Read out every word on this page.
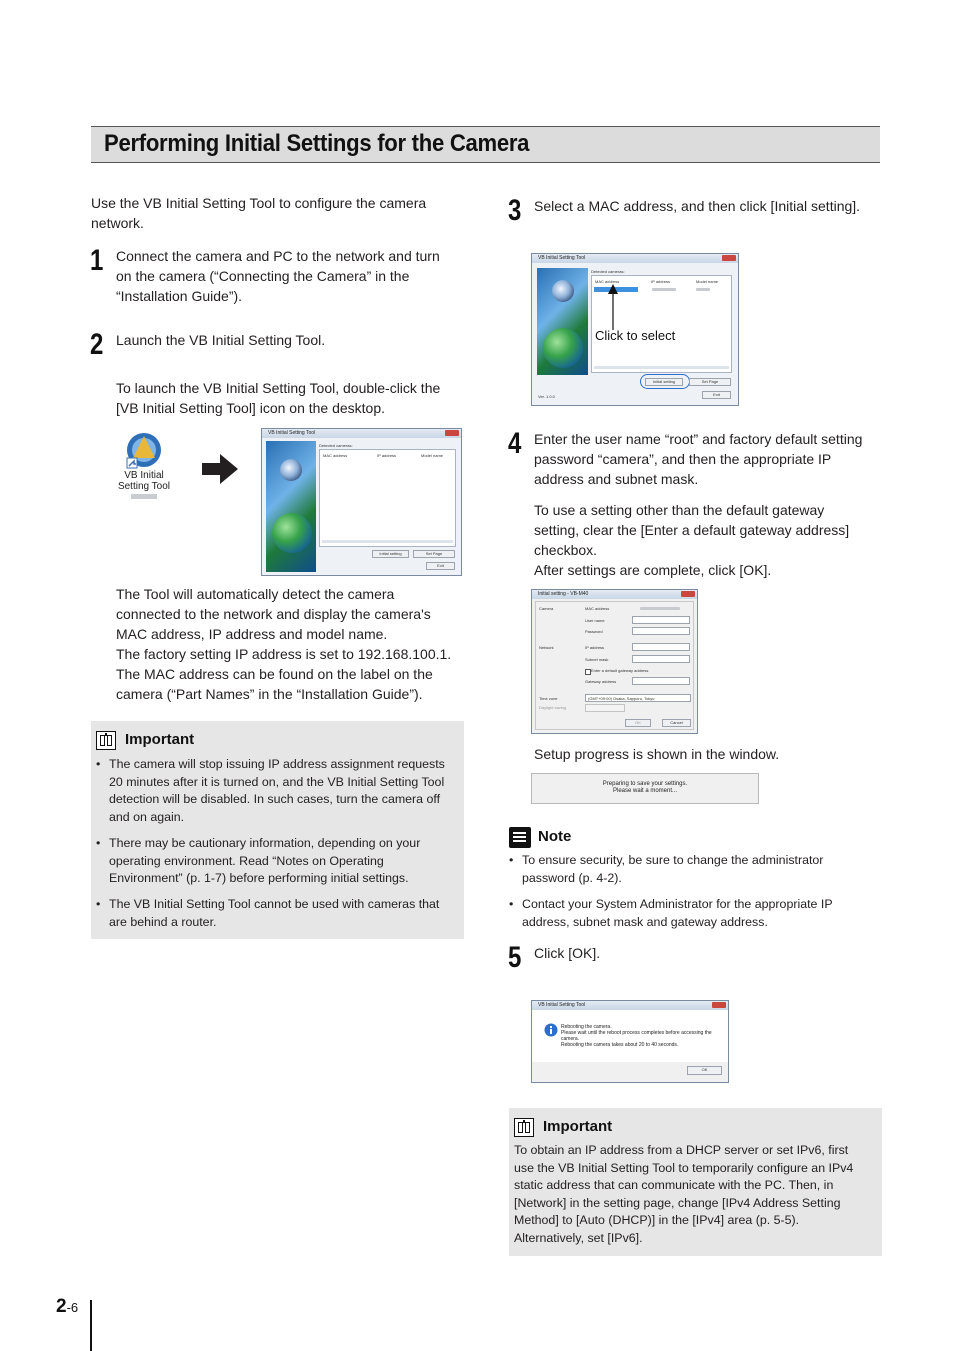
Performing Initial Settings for the Camera
Use the VB Initial Setting Tool to configure the camera
network.
1 Connect the camera and PC to the network and turn
on the camera (“Connecting the Camera” in the
“Installation Guide”).
2 Launch the VB Initial Setting Tool.
To launch the VB Initial Setting Tool, double-click the
[VB Initial Setting Tool] icon on the desktop.
VB Initial
Setting Tool
VB Initial Setting Tool
Detected cameras:
MAC address	IP address	Model name
Initial setting	Set Page
Exit
The Tool will automatically detect the camera
connected to the network and display the camera's
MAC address, IP address and model name.
The factory setting IP address is set to 192.168.100.1.
The MAC address can be found on the label on the
camera (“Part Names” in the “Installation Guide”).
Important
• The camera will stop issuing IP address assignment requests
20 minutes after it is turned on, and the VB Initial Setting Tool
detection will be disabled. In such cases, turn the camera off
and on again.
• There may be cautionary information, depending on your
operating environment. Read “Notes on Operating
Environment” (p. 1-7) before performing initial settings.
• The VB Initial Setting Tool cannot be used with cameras that
are behind a router.
3 Select a MAC address, and then click [Initial setting].
VB Initial Setting Tool
Detected cameras:
MAC address	IP address	Model name
Initial setting	Set Page
Exit
Ver. 1.0.0
Click to select
4 Enter the user name “root” and factory default setting
password “camera”, and then the appropriate IP
address and subnet mask.
To use a setting other than the default gateway
setting, clear the [Enter a default gateway address]
checkbox.
After settings are complete, click [OK].
Initial setting - VB-M40
Camera	MAC address
User name
Password
Network	IP address
Subnet mask
Enter a default gateway address
Gateway address
Time zone	(GMT+09:00) Osaka, Sapporo, Tokyo
Daylight saving
OK	Cancel
Setup progress is shown in the window.
Preparing to save your settings.
Please wait a moment...
Note
• To ensure security, be sure to change the administrator
password (p. 4-2).
• Contact your System Administrator for the appropriate IP
address, subnet mask and gateway address.
5 Click [OK].
VB Initial Setting Tool
Rebooting the camera.
Please wait until the reboot process completes before accessing the
camera.
Rebooting the camera takes about 20 to 40 seconds.
OK
Important
To obtain an IP address from a DHCP server or set IPv6, first
use the VB Initial Setting Tool to temporarily configure an IPv4
static address that can communicate with the PC. Then, in
[Network] in the setting page, change [IPv4 Address Setting
Method] to [Auto (DHCP)] in the [IPv4] area (p. 5-5).
Alternatively, set [IPv6].
2-6
